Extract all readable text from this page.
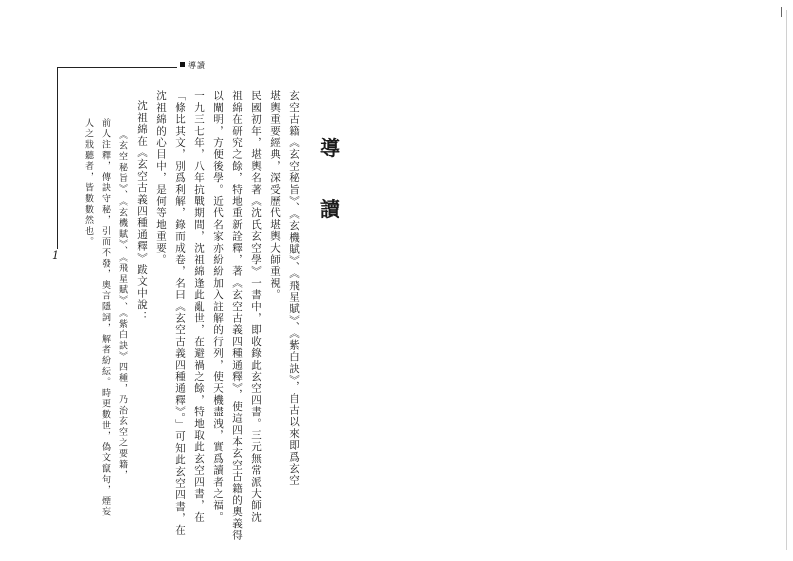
導讀
1
導
讀
玄空古籍《玄空秘旨》、《玄機賦》、《飛星賦》、《紫白訣》，自古以來即爲玄空
堪輿重要經典，深受歷代堪輿大師重視。
民國初年，堪輿名著《沈氏玄空學》一書中，即收錄此玄空四書。三元無常派大師沈
祖綿在研究之餘，特地重新詮釋，著《玄空古義四種通釋》，使這四本玄空古籍的奧義得
以闡明，方便後學。近代名家亦紛紛加入註解的行列，使天機盡洩，實爲讀者之福。
一九三七年，八年抗戰期間，沈祖綿逢此亂世，在避禍之餘，特地取此玄空四書，在
「條比其文，別爲利解，錄而成卷，名曰《玄空古義四種通釋》。」可知此玄空四書，在
沈祖綿的心目中，是何等地重要。
沈祖綿在《玄空古義四種通釋》跋文中說：
《玄空秘旨》、《玄機賦》、《飛星賦》、《紫白訣》四種，乃治玄空之要籍，
前人注釋，傳訣守秘，引而不發，奧言隱詞，解者紛紜。時更數世，偽文竄句，煙妄
人之戕聽者，皆數數然也。
